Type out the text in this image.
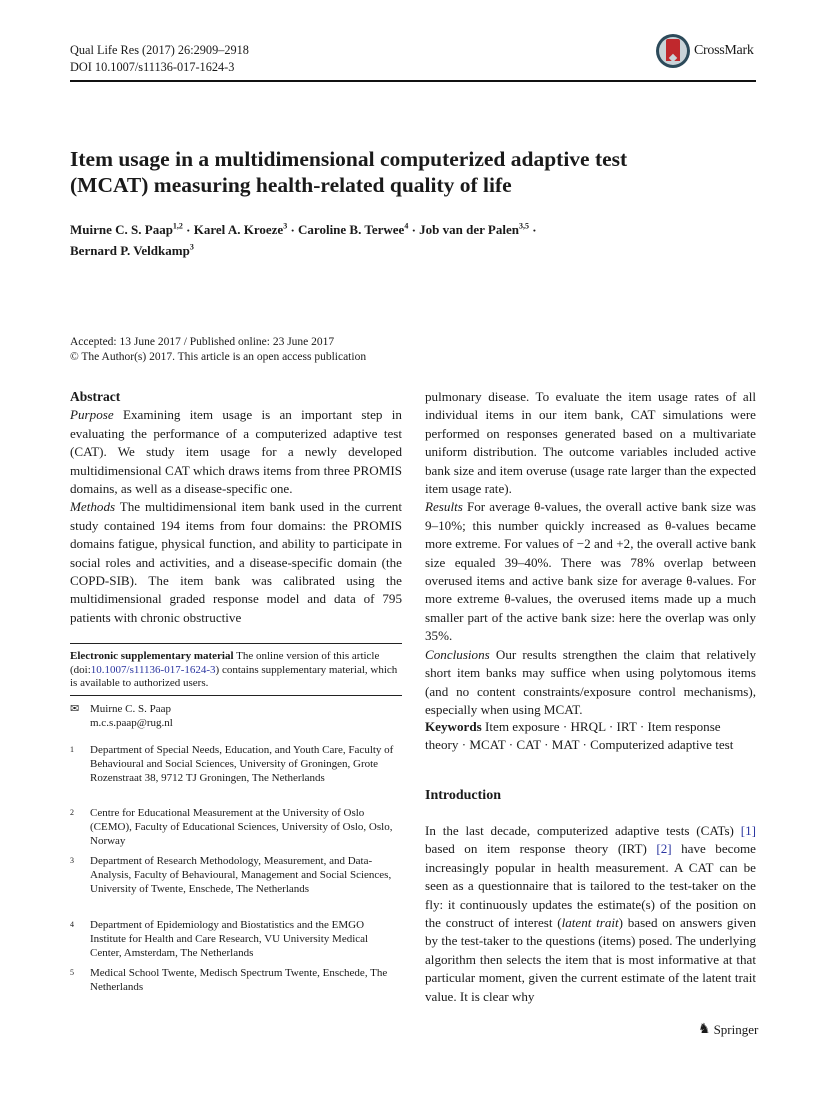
Qual Life Res (2017) 26:2909–2918
DOI 10.1007/s11136-017-1624-3
CrossMark
Item usage in a multidimensional computerized adaptive test (MCAT) measuring health-related quality of life
Muirne C. S. Paap$^{1,2}$ · Karel A. Kroeze$^3$ · Caroline B. Terwee$^4$ · Job van der Palen$^{3,5}$ ·
Bernard P. Veldkamp$^3$
Accepted: 13 June 2017 / Published online: 23 June 2017
© The Author(s) 2017. This article is an open access publication
Abstract
Purpose Examining item usage is an important step in evaluating the performance of a computerized adaptive test (CAT). We study item usage for a newly developed multidimensional CAT which draws items from three PROMIS domains, as well as a disease-specific one.
Methods The multidimensional item bank used in the current study contained 194 items from four domains: the PROMIS domains fatigue, physical function, and ability to participate in social roles and activities, and a disease-specific domain (the COPD-SIB). The item bank was calibrated using the multidimensional graded response model and data of 795 patients with chronic obstructive
Electronic supplementary material The online version of this article (doi:10.1007/s11136-017-1624-3) contains supplementary material, which is available to authorized users.
✉ Muirne C. S. Paap
m.c.s.paap@rug.nl
1	Department of Special Needs, Education, and Youth Care, Faculty of Behavioural and Social Sciences, University of Groningen, Grote Rozenstraat 38, 9712 TJ Groningen, The Netherlands
2	Centre for Educational Measurement at the University of Oslo (CEMO), Faculty of Educational Sciences, University of Oslo, Oslo, Norway
3	Department of Research Methodology, Measurement, and Data-Analysis, Faculty of Behavioural, Management and Social Sciences, University of Twente, Enschede, The Netherlands
4	Department of Epidemiology and Biostatistics and the EMGO Institute for Health and Care Research, VU University Medical Center, Amsterdam, The Netherlands
5	Medical School Twente, Medisch Spectrum Twente, Enschede, The Netherlands
pulmonary disease. To evaluate the item usage rates of all individual items in our item bank, CAT simulations were performed on responses generated based on a multivariate uniform distribution. The outcome variables included active bank size and item overuse (usage rate larger than the expected item usage rate).
Results For average θ-values, the overall active bank size was 9–10%; this number quickly increased as θ-values became more extreme. For values of −2 and +2, the overall active bank size equaled 39–40%. There was 78% overlap between overused items and active bank size for average θ-values. For more extreme θ-values, the overused items made up a much smaller part of the active bank size: here the overlap was only 35%.
Conclusions Our results strengthen the claim that relatively short item banks may suffice when using polytomous items (and no content constraints/exposure control mechanisms), especially when using MCAT.
Keywords Item exposure · HRQL · IRT · Item response theory · MCAT · CAT · MAT · Computerized adaptive test
Introduction
In the last decade, computerized adaptive tests (CATs) [1] based on item response theory (IRT) [2] have become increasingly popular in health measurement. A CAT can be seen as a questionnaire that is tailored to the test-taker on the fly: it continuously updates the estimate(s) of the position on the construct of interest (latent trait) based on answers given by the test-taker to the questions (items) posed. The underlying algorithm then selects the item that is most informative at that particular moment, given the current estimate of the latent trait value. It is clear why
♞ Springer
